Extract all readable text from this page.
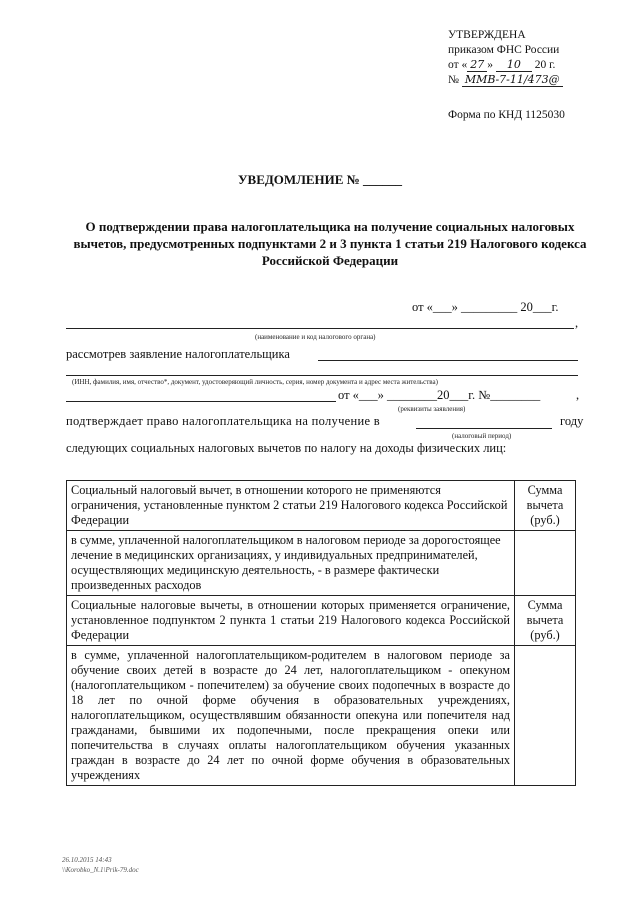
УТВЕРЖДЕНА
приказом ФНС России
от « 27 » 10 20 г.
№ ММВ-7-11/473@
Форма по КНД 1125030
УВЕДОМЛЕНИЕ № ______
О подтверждении права налогоплательщика на получение социальных налоговых вычетов, предусмотренных подпунктами 2 и 3 пункта 1 статьи 219 Налогового кодекса Российской Федерации
от «___» _________ 20___г.
,
(наименование и код налогового органа)
рассмотрев заявление налогоплательщика
(ИНН, фамилия, имя, отчество*, документ, удостоверяющий личность, серия, номер документа и адрес места жительства)
от «___» ________20___г. №________	,
(реквизиты заявления)
подтверждает право налогоплательщика на получение в	году
(налоговый период)
следующих социальных налоговых вычетов по налогу на доходы физических лиц:
Социальный налоговый вычет, в отношении которого не применяются ограничения, установленные пунктом 2 статьи 219 Налогового кодекса Российской Федерации	Сумма вычета (руб.)
в сумме, уплаченной налогоплательщиком в налоговом периоде за дорогостоящее лечение в медицинских организациях, у индивидуальных предпринимателей, осуществляющих медицинскую деятельность, - в размере фактически произведенных расходов	
Социальные налоговые вычеты, в отношении которых применяется ограничение, установленное подпунктом 2 пункта 1 статьи 219 Налогового кодекса Российской Федерации	Сумма вычета (руб.)
в сумме, уплаченной налогоплательщиком-родителем в налоговом периоде за обучение своих детей в возрасте до 24 лет, налогоплательщиком - опекуном (налогоплательщиком - попечителем) за обучение своих подопечных в возрасте до 18 лет по очной форме обучения в образовательных учреждениях, налогоплательщиком, осуществлявшим обязанности опекуна или попечителя над гражданами, бывшими их подопечными, после прекращения опеки или попечительства в случаях оплаты налогоплательщиком обучения указанных граждан в возрасте до 24 лет по очной форме обучения в образовательных учреждениях	
26.10.2015 14:43
\\Korobko_N.1\Prik-79.doc
